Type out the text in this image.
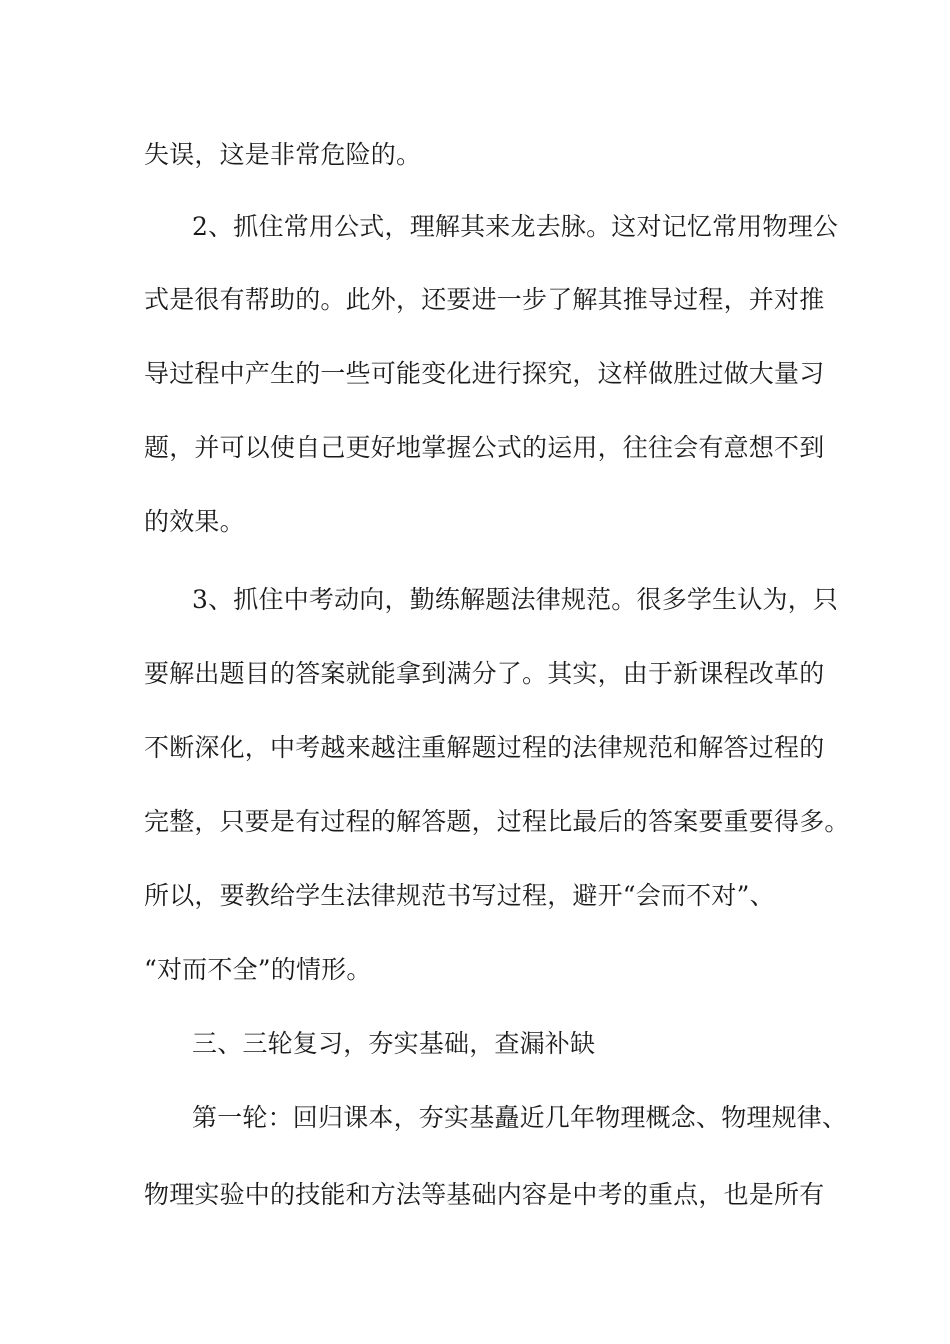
失误，这是非常危险的。

2、抓住常用公式，理解其来龙去脉。这对记忆常用物理公

式是很有帮助的。此外，还要进一步了解其推导过程，并对推

导过程中产生的一些可能变化进行探究，这样做胜过做大量习

题，并可以使自己更好地掌握公式的运用，往往会有意想不到

的效果。

3、抓住中考动向，勤练解题法律规范。很多学生认为，只

要解出题目的答案就能拿到满分了。其实，由于新课程改革的

不断深化，中考越来越注重解题过程的法律规范和解答过程的

完整，只要是有过程的解答题，过程比最后的答案要重要得多。

所以，要教给学生法律规范书写过程，避开“会而不对”、

“对而不全”的情形。

三、三轮复习，夯实基础，查漏补缺

第一轮：回归课本，夯实基矗近几年物理概念、物理规律、

物理实验中的技能和方法等基础内容是中考的重点，也是所有
